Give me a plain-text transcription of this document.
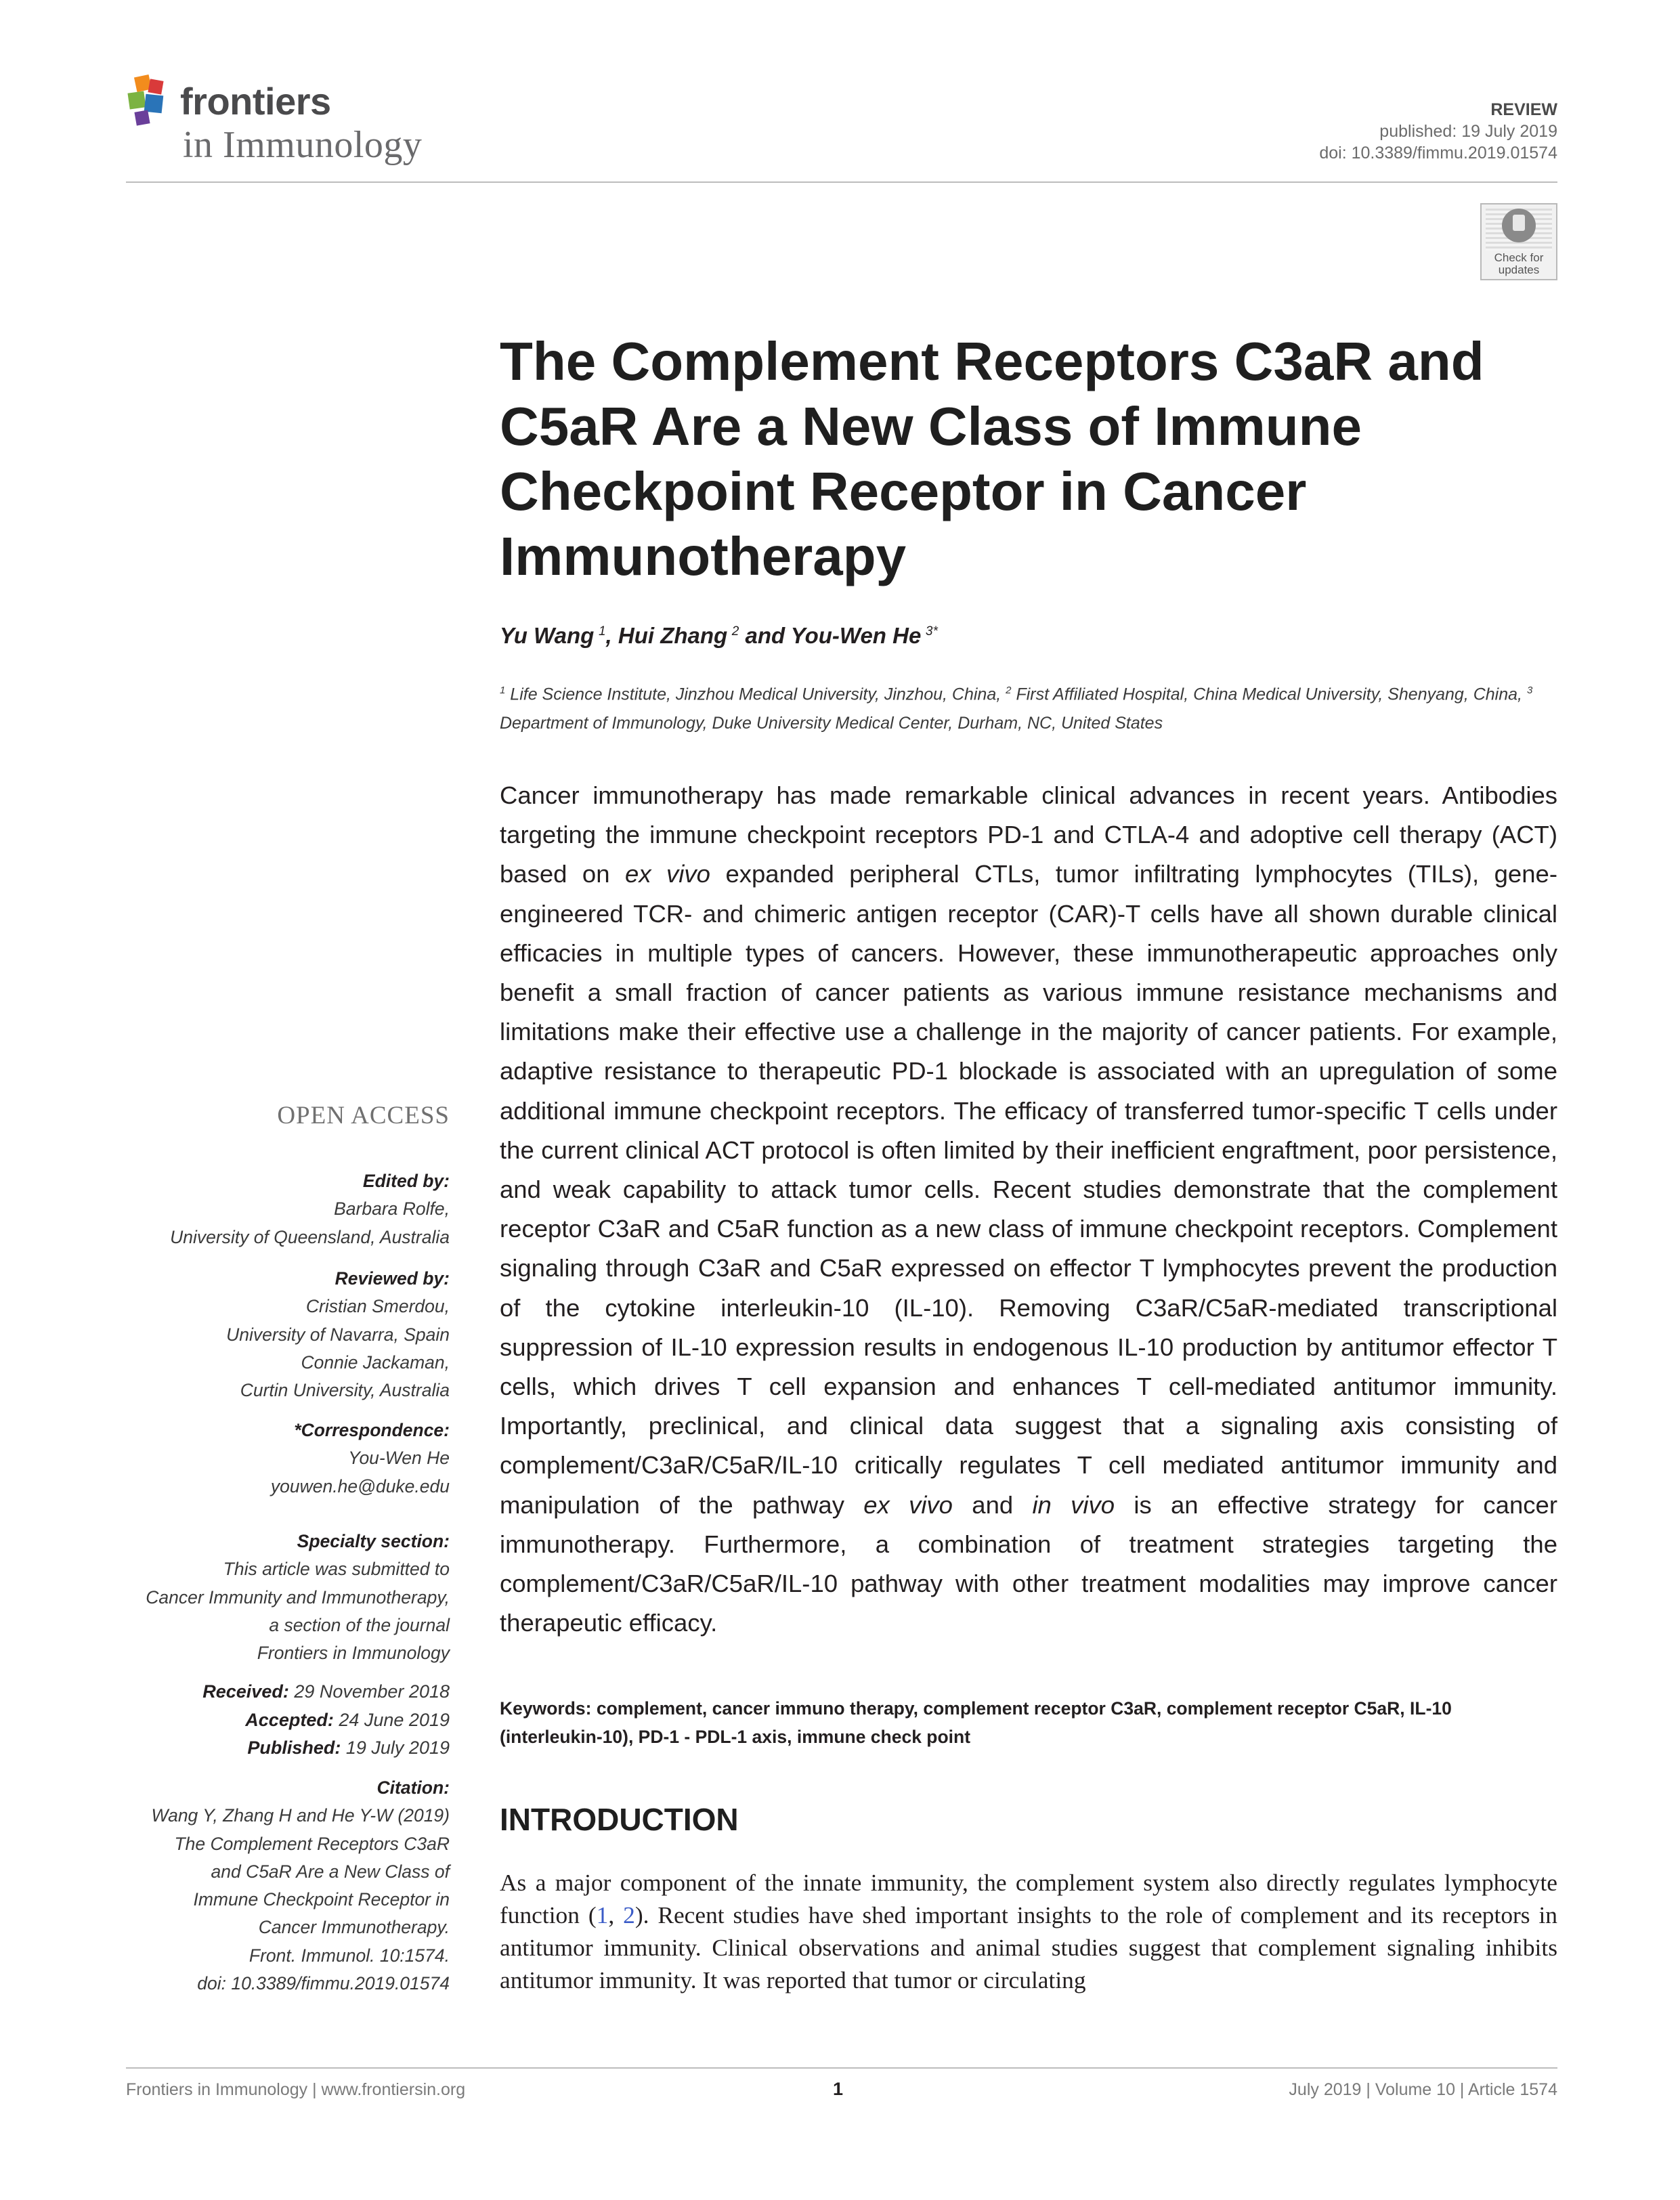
frontiers
in Immunology
REVIEW
published: 19 July 2019
doi: 10.3389/fimmu.2019.01574
Check for
updates
The Complement Receptors C3aR and C5aR Are a New Class of Immune Checkpoint Receptor in Cancer Immunotherapy
Yu Wang  $^1$, Hui Zhang  $^2$ and You-Wen He  $^{3*}$
$^1$ Life Science Institute, Jinzhou Medical University, Jinzhou, China, $^2$ First Affiliated Hospital, China Medical University, Shenyang, China, $^3$ Department of Immunology, Duke University Medical Center, Durham, NC, United States
Cancer immunotherapy has made remarkable clinical advances in recent years. Antibodies targeting the immune checkpoint receptors PD-1 and CTLA-4 and adoptive cell therapy (ACT) based on ex vivo expanded peripheral CTLs, tumor infiltrating lymphocytes (TILs), gene-engineered TCR- and chimeric antigen receptor (CAR)-T cells have all shown durable clinical efficacies in multiple types of cancers. However, these immunotherapeutic approaches only benefit a small fraction of cancer patients as various immune resistance mechanisms and limitations make their effective use a challenge in the majority of cancer patients. For example, adaptive resistance to therapeutic PD-1 blockade is associated with an upregulation of some additional immune checkpoint receptors. The efficacy of transferred tumor-specific T cells under the current clinical ACT protocol is often limited by their inefficient engraftment, poor persistence, and weak capability to attack tumor cells. Recent studies demonstrate that the complement receptor C3aR and C5aR function as a new class of immune checkpoint receptors. Complement signaling through C3aR and C5aR expressed on effector T lymphocytes prevent the production of the cytokine interleukin-10 (IL-10). Removing C3aR/C5aR-mediated transcriptional suppression of IL-10 expression results in endogenous IL-10 production by antitumor effector T cells, which drives T cell expansion and enhances T cell-mediated antitumor immunity. Importantly, preclinical, and clinical data suggest that a signaling axis consisting of complement/C3aR/C5aR/IL-10 critically regulates T cell mediated antitumor immunity and manipulation of the pathway ex vivo and in vivo is an effective strategy for cancer immunotherapy. Furthermore, a combination of treatment strategies targeting the complement/C3aR/C5aR/IL-10 pathway with other treatment modalities may improve cancer therapeutic efficacy.
Keywords: complement, cancer immuno therapy, complement receptor C3aR, complement receptor C5aR, IL-10 (interleukin-10), PD-1 - PDL-1 axis, immune check point
OPEN ACCESS
Edited by:
Barbara Rolfe,
University of Queensland, Australia
Reviewed by:
Cristian Smerdou,
University of Navarra, Spain
Connie Jackaman,
Curtin University, Australia
*Correspondence:
You-Wen He
youwen.he@duke.edu
Specialty section:
This article was submitted to
Cancer Immunity and Immunotherapy,
a section of the journal
Frontiers in Immunology
Received: 29 November 2018
Accepted: 24 June 2019
Published: 19 July 2019
Citation:
Wang Y, Zhang H and He Y-W (2019)
The Complement Receptors C3aR
and C5aR Are a New Class of
Immune Checkpoint Receptor in
Cancer Immunotherapy.
Front. Immunol. 10:1574.
doi: 10.3389/fimmu.2019.01574
INTRODUCTION
As a major component of the innate immunity, the complement system also directly regulates lymphocyte function (1, 2). Recent studies have shed important insights to the role of complement and its receptors in antitumor immunity. Clinical observations and animal studies suggest that complement signaling inhibits antitumor immunity. It was reported that tumor or circulating
Frontiers in Immunology | www.frontiersin.org	1	July 2019 | Volume 10 | Article 1574
